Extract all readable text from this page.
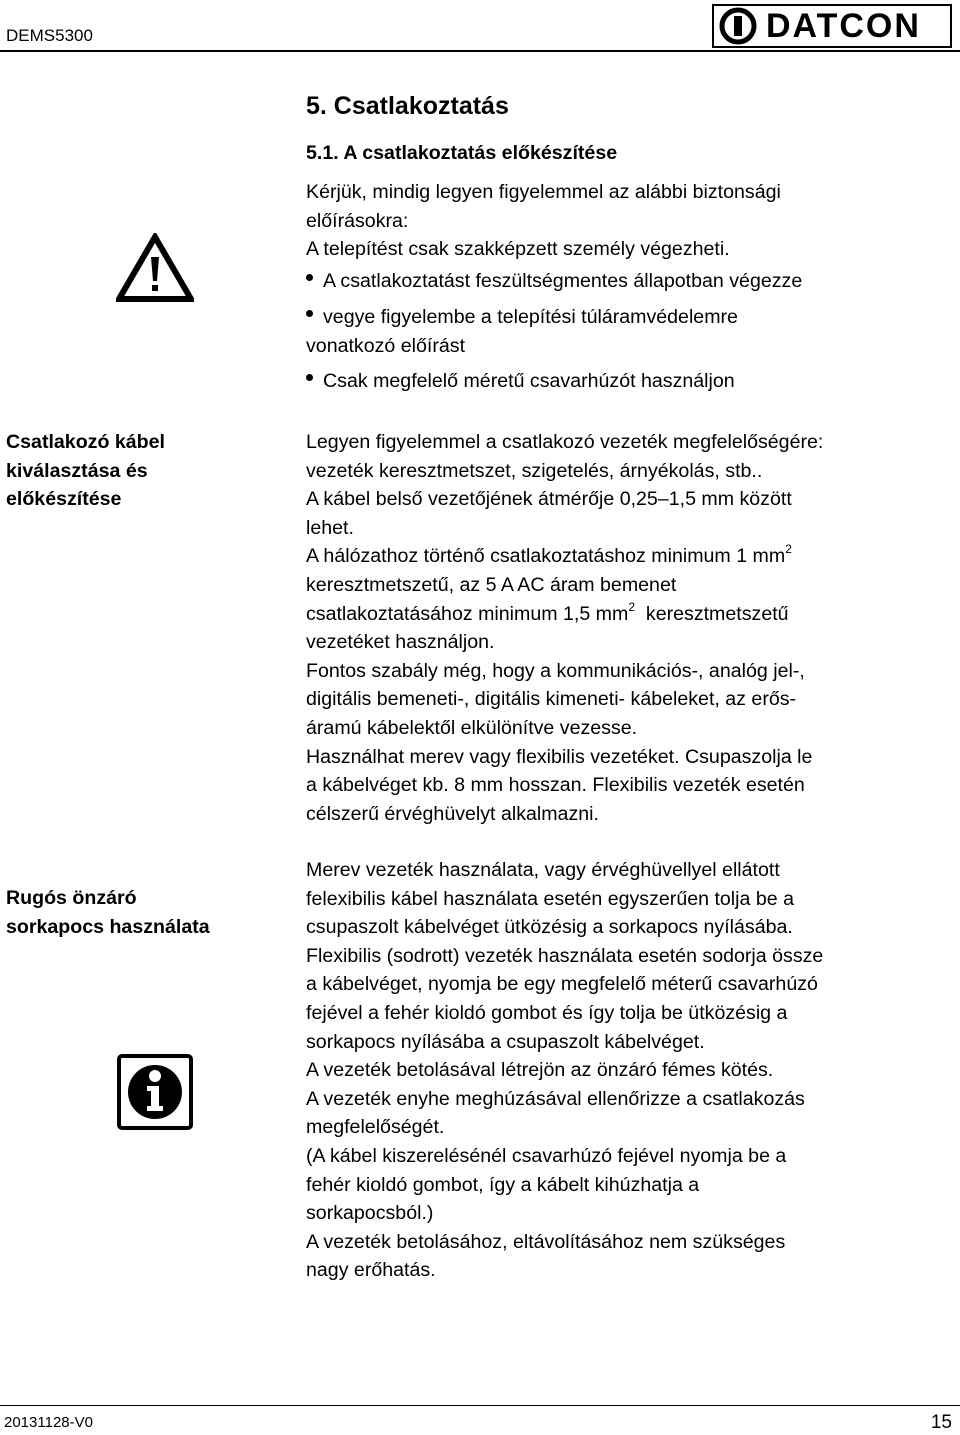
DEMS5300	DATCON
5. Csatlakoztatás
5.1. A csatlakoztatás előkészítése

Kérjük, mindig legyen figyelemmel az alábbi biztonsági

előírásokra:

A telepítést csak szakképzett személy végezheti.

A csatlakoztatást feszültségmentes állapotban végezze
vegye figyelembe a telepítési túláramvédelemre
vonatkozó előírást
Csak megfelelő méretű csavarhúzót használjon
Csatlakozó kábel
kiválasztása és
előkészítése

Legyen figyelemmel a csatlakozó vezeték megfelelőségére:

vezeték keresztmetszet, szigetelés, árnyékolás, stb..

A kábel belső vezetőjének átmérője 0,25–1,5 mm között

lehet.

A hálózathoz történő csatlakoztatáshoz minimum 1 $mm^2$

keresztmetszetű, az 5 A AC áram bemenet

csatlakoztatásához minimum 1,5 $mm^2$ keresztmetszetű

vezetéket használjon.

Fontos szabály még, hogy a kommunikációs-, analóg jel-,

digitális bemeneti-, digitális kimeneti- kábeleket, az erős-

áramú kábelektől elkülönítve vezesse.

Használhat merev vagy flexibilis vezetéket. Csupaszolja le

a kábelvéget kb. 8 mm hosszan. Flexibilis vezeték esetén

célszerű érvéghüvelyt alkalmazni.

Rugós önzáró
sorkapocs használata

Merev vezeték használata, vagy érvéghüvellyel ellátott

felexibilis kábel használata esetén egyszerűen tolja be a

csupaszolt kábelvéget ütközésig a sorkapocs nyílásába.

Flexibilis (sodrott) vezeték használata esetén sodorja össze

a kábelvéget, nyomja be egy megfelelő méterű csavarhúzó

fejével a fehér kioldó gombot és így tolja be ütközésig a

sorkapocs nyílásába a csupaszolt kábelvéget.

A vezeték betolásával létrejön az önzáró fémes kötés.

A vezeték enyhe meghúzásával ellenőrizze a csatlakozás

megfelelőségét.

(A kábel kiszerelésénél csavarhúzó fejével nyomja be a

fehér kioldó gombot, így a kábelt kihúzhatja a

sorkapocsból.)

A vezeték betolásához, eltávolításához nem szükséges

nagy erőhatás.

20131128-V0	15
